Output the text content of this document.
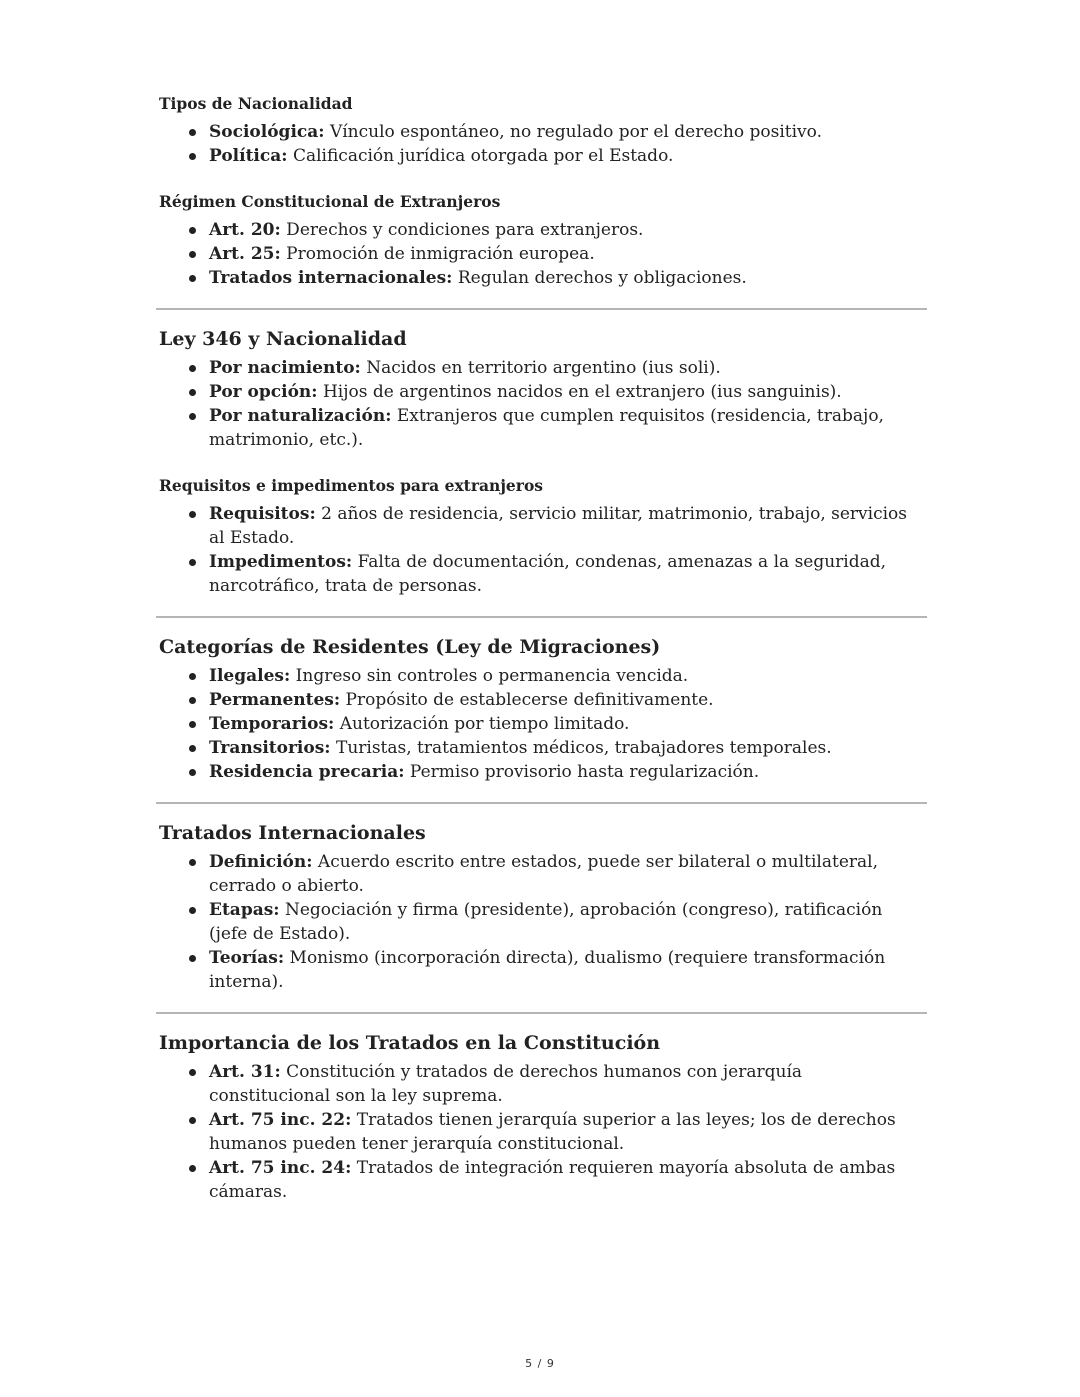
Tipos de Nacionalidad
Sociológica: Vínculo espontáneo, no regulado por el derecho positivo.
Política: Calificación jurídica otorgada por el Estado.
Régimen Constitucional de Extranjeros
Art. 20: Derechos y condiciones para extranjeros.
Art. 25: Promoción de inmigración europea.
Tratados internacionales: Regulan derechos y obligaciones.
Ley 346 y Nacionalidad
Por nacimiento: Nacidos en territorio argentino (ius soli).
Por opción: Hijos de argentinos nacidos en el extranjero (ius sanguinis).
Por naturalización: Extranjeros que cumplen requisitos (residencia, trabajo, matrimonio, etc.).
Requisitos e impedimentos para extranjeros
Requisitos: 2 años de residencia, servicio militar, matrimonio, trabajo, servicios al Estado.
Impedimentos: Falta de documentación, condenas, amenazas a la seguridad, narcotráfico, trata de personas.
Categorías de Residentes (Ley de Migraciones)
Ilegales: Ingreso sin controles o permanencia vencida.
Permanentes: Propósito de establecerse definitivamente.
Temporarios: Autorización por tiempo limitado.
Transitorios: Turistas, tratamientos médicos, trabajadores temporales.
Residencia precaria: Permiso provisorio hasta regularización.
Tratados Internacionales
Definición: Acuerdo escrito entre estados, puede ser bilateral o multilateral, cerrado o abierto.
Etapas: Negociación y firma (presidente), aprobación (congreso), ratificación (jefe de Estado).
Teorías: Monismo (incorporación directa), dualismo (requiere transformación interna).
Importancia de los Tratados en la Constitución
Art. 31: Constitución y tratados de derechos humanos con jerarquía constitucional son la ley suprema.
Art. 75 inc. 22: Tratados tienen jerarquía superior a las leyes; los de derechos humanos pueden tener jerarquía constitucional.
Art. 75 inc. 24: Tratados de integración requieren mayoría absoluta de ambas cámaras.
5 / 9
